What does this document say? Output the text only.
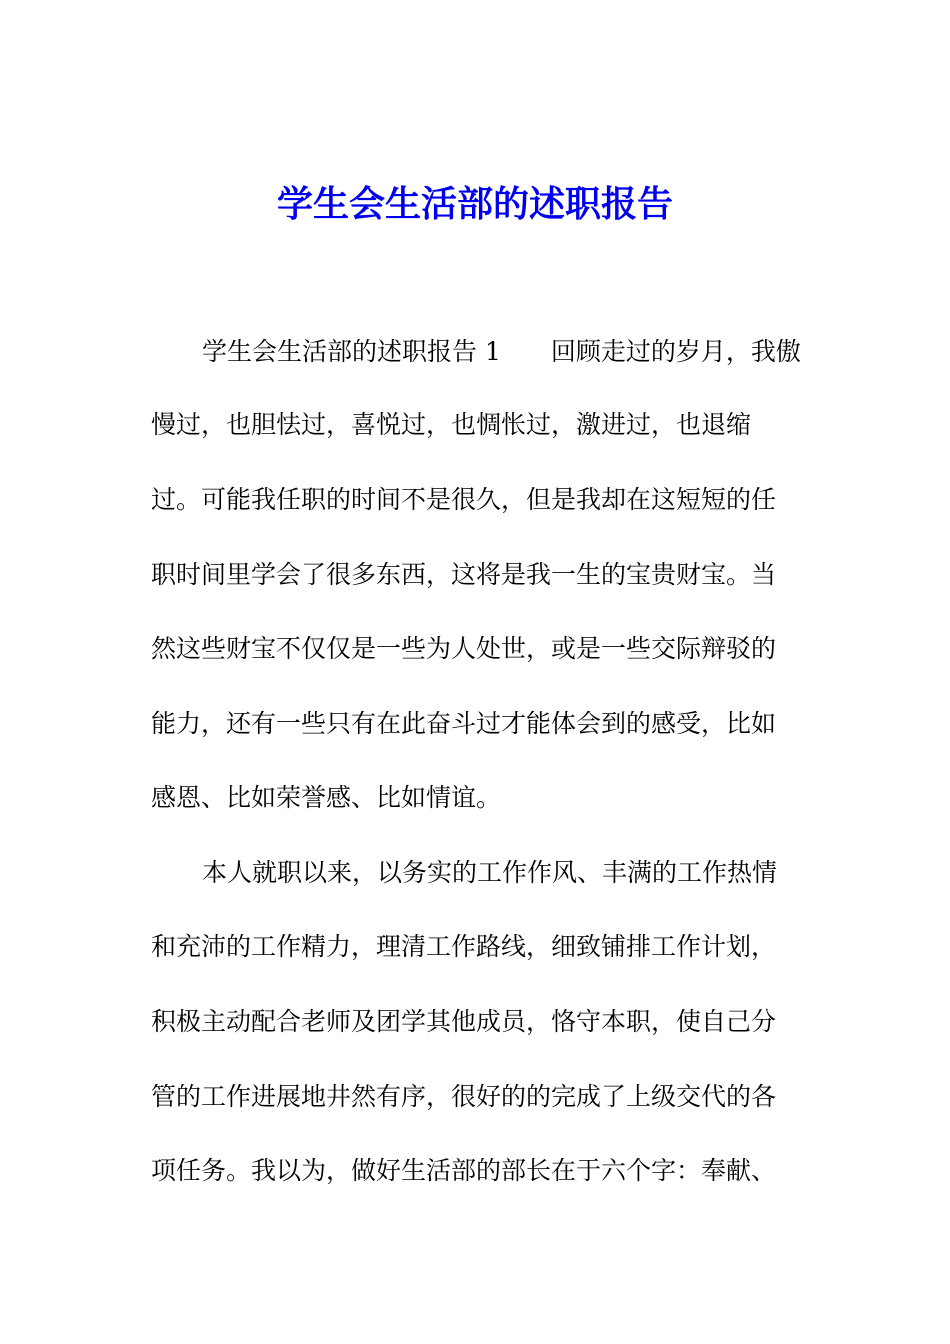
学生会生活部的述职报告
学生会生活部的述职报告 1 回顾走过的岁月，我傲
慢过，也胆怯过，喜悦过，也惆怅过，激进过，也退缩
过。可能我任职的时间不是很久，但是我却在这短短的任
职时间里学会了很多东西，这将是我一生的宝贵财宝。当
然这些财宝不仅仅是一些为人处世，或是一些交际辩驳的
能力，还有一些只有在此奋斗过才能体会到的感受，比如
感恩、比如荣誉感、比如情谊。
本人就职以来，以务实的工作作风、丰满的工作热情
和充沛的工作精力，理清工作路线，细致铺排工作计划，
积极主动配合老师及团学其他成员，恪守本职，使自己分
管的工作进展地井然有序，很好的的完成了上级交代的各
项任务。我以为，做好生活部的部长在于六个字：奉献、
